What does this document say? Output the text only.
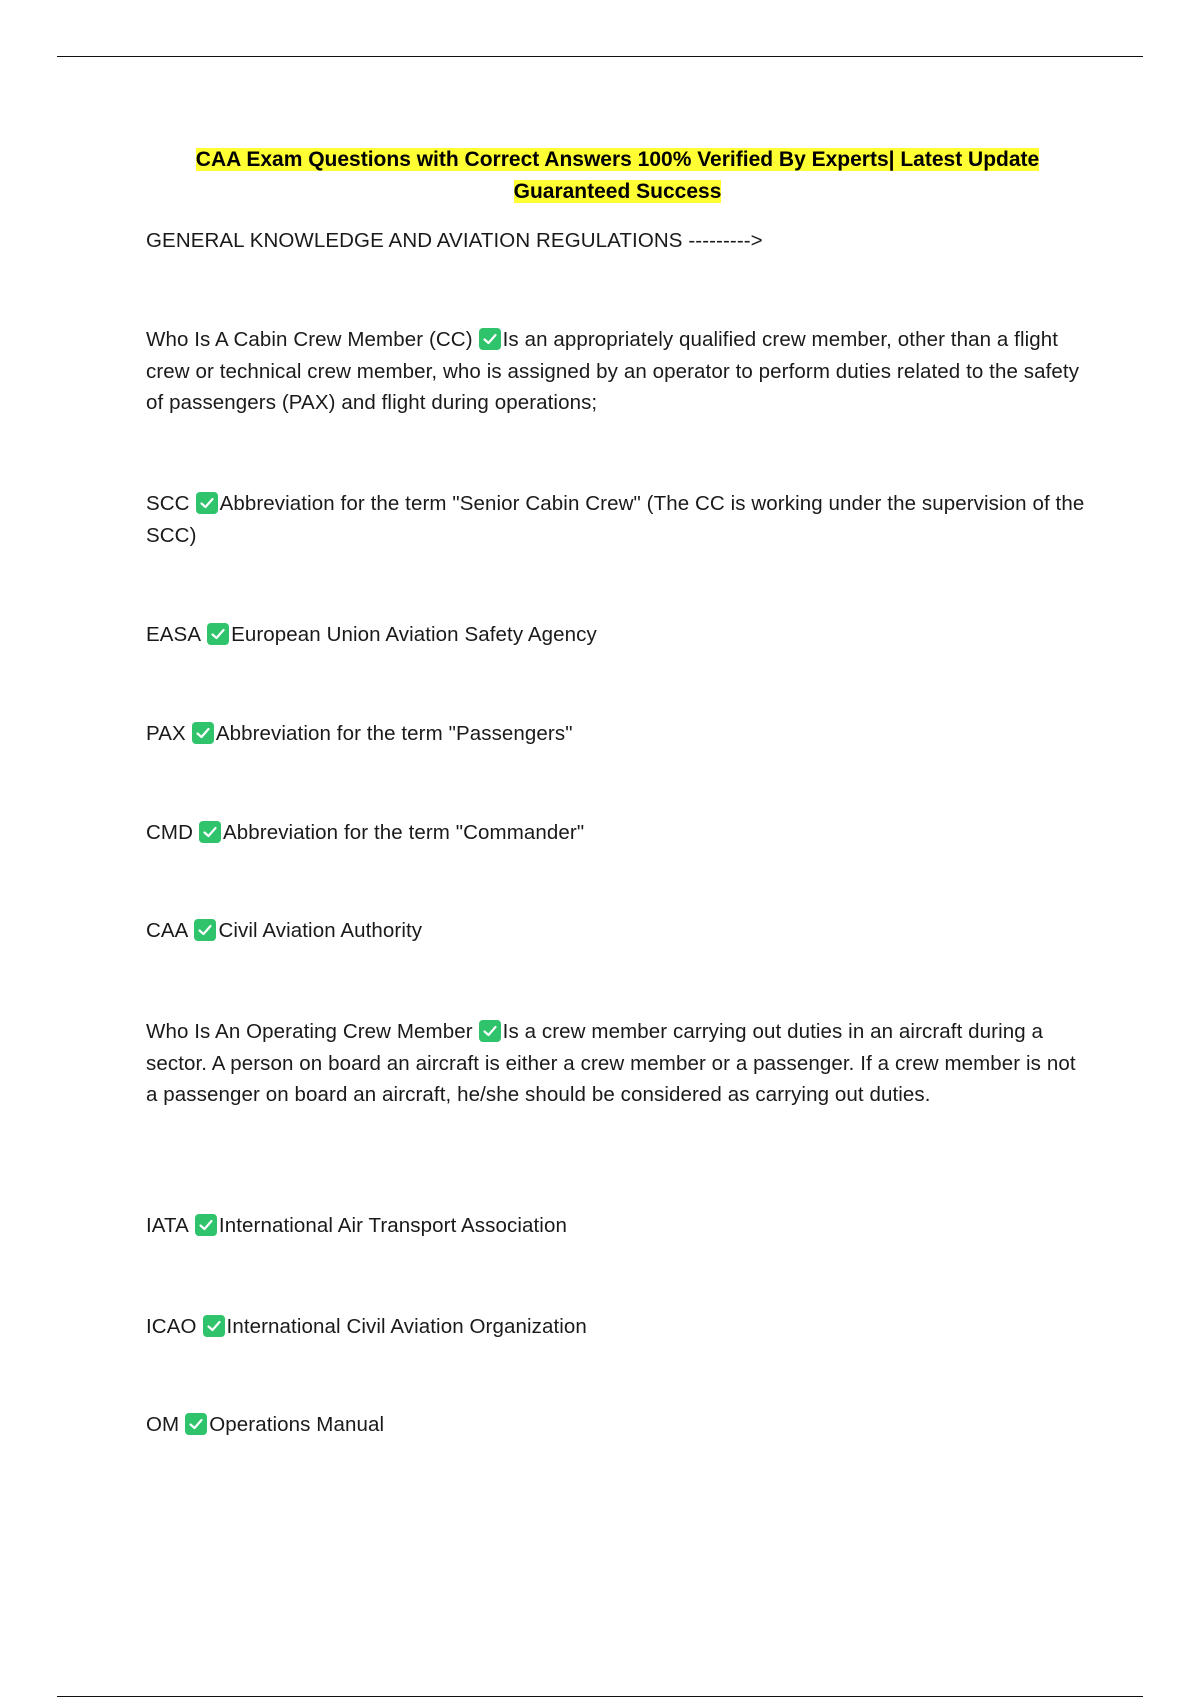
CAA Exam Questions with Correct Answers 100% Verified By Experts| Latest Update
Guaranteed Success
GENERAL KNOWLEDGE AND AVIATION REGULATIONS --------->
Who Is A Cabin Crew Member (CC) Is an appropriately qualified crew member, other than a flight crew or technical crew member, who is assigned by an operator to perform duties related to the safety of passengers (PAX) and flight during operations;
SCC Abbreviation for the term "Senior Cabin Crew" (The CC is working under the supervision of the SCC)
EASA European Union Aviation Safety Agency
PAX Abbreviation for the term "Passengers"
CMD Abbreviation for the term "Commander"
CAA Civil Aviation Authority
Who Is An Operating Crew Member Is a crew member carrying out duties in an aircraft during a sector. A person on board an aircraft is either a crew member or a passenger. If a crew member is not a passenger on board an aircraft, he/she should be considered as carrying out duties.
IATA International Air Transport Association
ICAO International Civil Aviation Organization
OM Operations Manual
